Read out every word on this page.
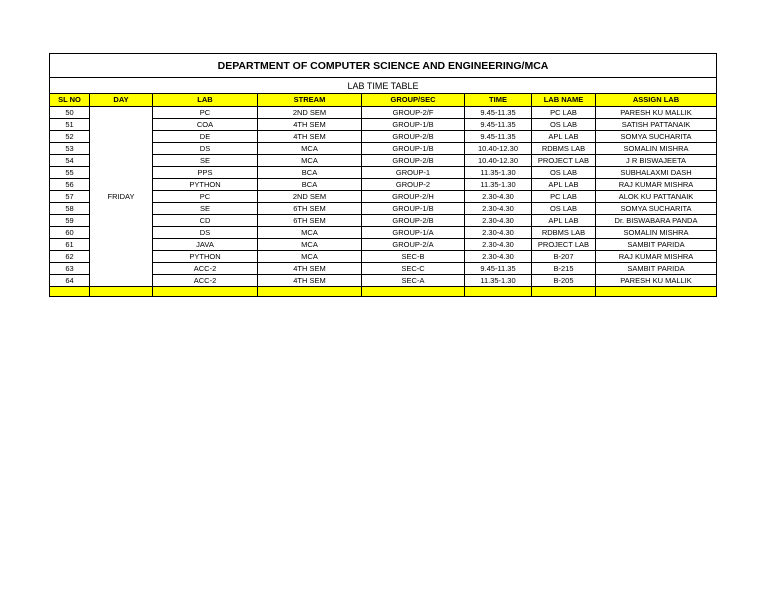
DEPARTMENT OF COMPUTER SCIENCE AND ENGINEERING/MCA							
LAB TIME TABLE							
SL NO	DAY	LAB	STREAM	GROUP/SEC	TIME	LAB NAME	ASSIGN LAB
50	FRIDAY	PC	2ND SEM	GROUP-2/F	9.45-11.35	PC LAB	PARESH KU MALLIK
51		COA	4TH SEM	GROUP-1/B	9.45-11.35	OS LAB	SATISH PATTANAIK
52		DE	4TH SEM	GROUP-2/B	9.45-11.35	APL LAB	SOMYA SUCHARITA
53		DS	MCA	GROUP-1/B	10.40-12.30	RDBMS LAB	SOMALIN MISHRA
54		SE	MCA	GROUP-2/B	10.40-12.30	PROJECT LAB	J R BISWAJEETA
55		PPS	BCA	GROUP-1	11.35-1.30	OS LAB	SUBHALAXMI DASH
56		PYTHON	BCA	GROUP-2	11.35-1.30	APL LAB	RAJ KUMAR MISHRA
57		PC	2ND SEM	GROUP-2/H	2.30-4.30	PC LAB	ALOK KU PATTANAIK
58		SE	6TH SEM	GROUP-1/B	2.30-4.30	OS LAB	SOMYA SUCHARITA
59		CD	6TH SEM	GROUP-2/B	2.30-4.30	APL LAB	Dr. BISWABARA PANDA
60		DS	MCA	GROUP-1/A	2.30-4.30	RDBMS LAB	SOMALIN MISHRA
61		JAVA	MCA	GROUP-2/A	2.30-4.30	PROJECT LAB	SAMBIT PARIDA
62		PYTHON	MCA	SEC-B	2.30-4.30	B-207	RAJ KUMAR MISHRA
63		ACC-2	4TH SEM	SEC-C	9.45-11.35	B-215	SAMBIT PARIDA
64		ACC-2	4TH SEM	SEC-A	11.35-1.30	B-205	PARESH KU MALLIK
